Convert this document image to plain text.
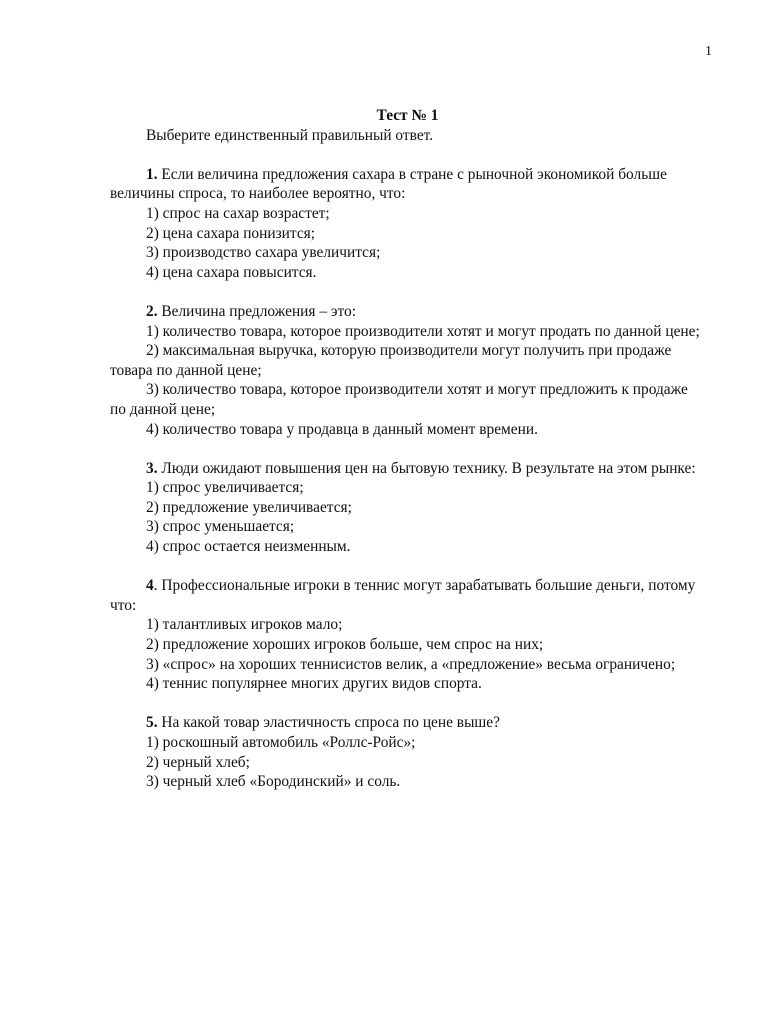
1

Тест № 1

Выберите единственный правильный ответ.

1. Если величина предложения сахара в стране с рыночной экономикой больше величины спроса, то наиболее вероятно, что:

1) спрос на сахар возрастет;

2) цена сахара понизится;

3) производство сахара увеличится;

4) цена сахара повысится.

2. Величина предложения – это:

1) количество товара, которое производители хотят и могут продать по данной цене;

2) максимальная выручка, которую производители могут получить при продаже товара по данной цене;

3) количество товара, которое производители хотят и могут предложить к продаже по данной цене;

4) количество товара у продавца в данный момент времени.

3. Люди ожидают повышения цен на бытовую технику. В результате на этом рынке:

1) спрос увеличивается;

2) предложение увеличивается;

3) спрос уменьшается;

4) спрос остается неизменным.

4. Профессиональные игроки в теннис могут зарабатывать большие деньги, потому что:

1) талантливых игроков мало;

2) предложение хороших игроков больше, чем спрос на них;

3) «спрос» на хороших теннисистов велик, а «предложение» весьма ограничено;

4) теннис популярнее многих других видов спорта.

5. На какой товар эластичность спроса по цене выше?

1) роскошный автомобиль «Роллс-Ройс»;

2) черный хлеб;

3) черный хлеб «Бородинский» и соль.
